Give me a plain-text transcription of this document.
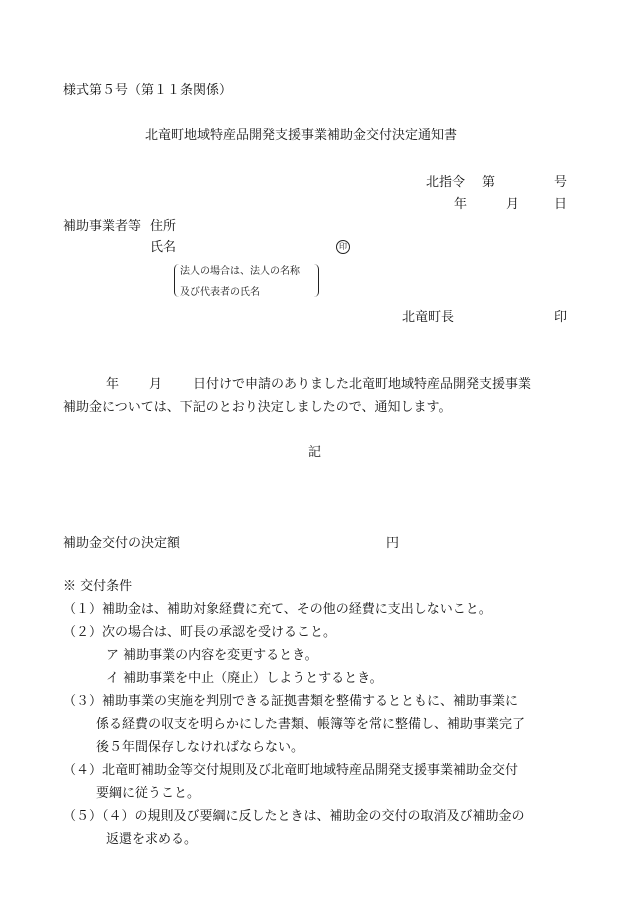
様式第５号（第１１条関係）
北竜町地域特産品開発支援事業補助金交付決定通知書
北指令 第	号
年	月	日
補助事業者等 住所
氏名	印
法人の場合は、法人の名称
及び代表者の氏名
北竜町長	印
年 月 日付けで申請のありました北竜町地域特産品開発支援事業
補助金については、下記のとおり決定しましたので、通知します。
記
補助金交付の決定額	円
※ 交付条件
（１）補助金は、補助対象経費に充て、その他の経費に支出しないこと。
（２）次の場合は、町長の承認を受けること。
ア 補助事業の内容を変更するとき。
イ 補助事業を中止（廃止）しようとするとき。
（３）補助事業の実施を判別できる証拠書類を整備するとともに、補助事業に
係る経費の収支を明らかにした書類、帳簿等を常に整備し、補助事業完了
後５年間保存しなければならない。
（４）北竜町補助金等交付規則及び北竜町地域特産品開発支援事業補助金交付
要綱に従うこと。
（５）（４）の規則及び要綱に反したときは、補助金の交付の取消及び補助金の
返還を求める。
